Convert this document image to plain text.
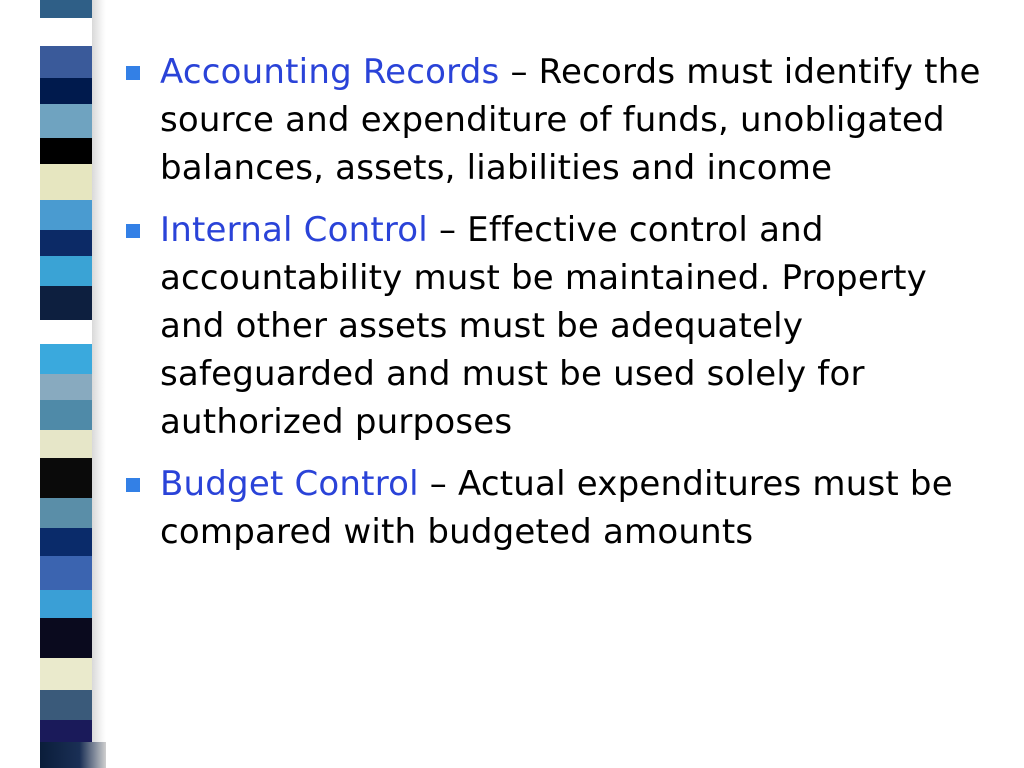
Accounting Records – Records must identify the source and expenditure of funds, unobligated balances, assets, liabilities and income
Internal Control – Effective control and accountability must be maintained. Property and other assets must be adequately safeguarded and must be used solely for authorized purposes
Budget Control – Actual expenditures must be compared with budgeted amounts
